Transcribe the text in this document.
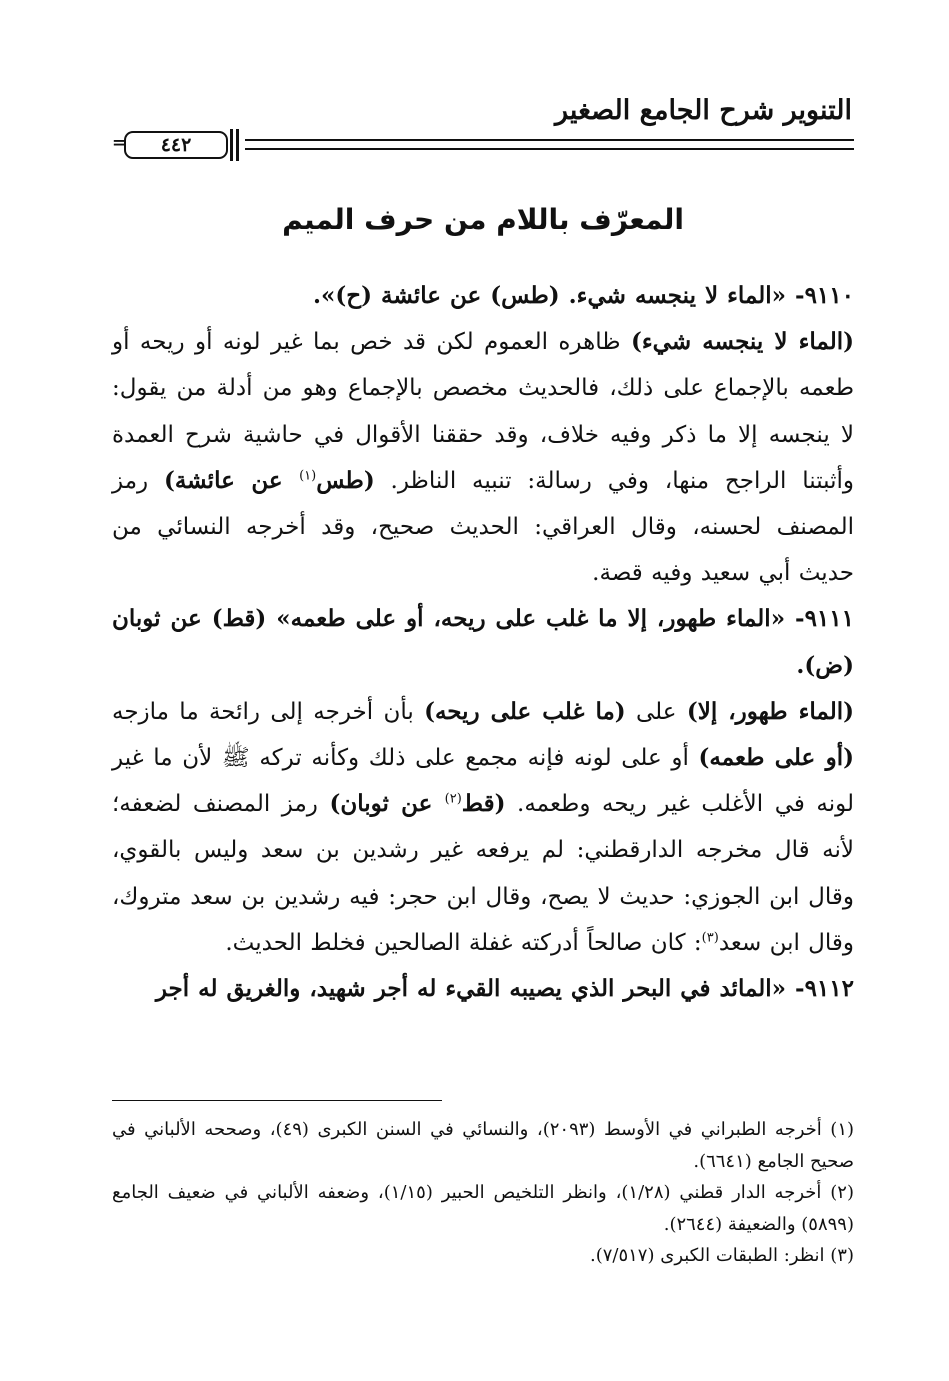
التنوير شرح الجامع الصغير
٤٤٢
=
المعرّف باللام من حرف الميم

٩١١٠- «الماء لا ينجسه شيء. (طس) عن عائشة (ح)».

(الماء لا ينجسه شيء) ظاهره العموم لكن قد خص بما غير لونه أو ريحه أو طعمه بالإجماع على ذلك، فالحديث مخصص بالإجماع وهو من أدلة من يقول: لا ينجسه إلا ما ذكر وفيه خلاف، وقد حققنا الأقوال في حاشية شرح العمدة وأثبتنا الراجح منها، وفي رسالة: تنبيه الناظر. (طس$^{(١)}$ عن عائشة) رمز المصنف لحسنه، وقال العراقي: الحديث صحيح، وقد أخرجه النسائي من حديث أبي سعيد وفيه قصة.

٩١١١- «الماء طهور، إلا ما غلب على ريحه، أو على طعمه» (قط) عن ثوبان (ض).

(الماء طهور، إلا) على (ما غلب على ريحه) بأن أخرجه إلى رائحة ما مازجه (أو على طعمه) أو على لونه فإنه مجمع على ذلك وكأنه تركه ﷺ لأن ما غير لونه في الأغلب غير ريحه وطعمه. (قط$^{(٢)}$ عن ثوبان) رمز المصنف لضعفه؛ لأنه قال مخرجه الدارقطني: لم يرفعه غير رشدين بن سعد وليس بالقوي، وقال ابن الجوزي: حديث لا يصح، وقال ابن حجر: فيه رشدين بن سعد متروك، وقال ابن سعد$^{(٣)}$: كان صالحاً أدركته غفلة الصالحين فخلط الحديث.

٩١١٢- «المائد في البحر الذي يصيبه القيء له أجر شهيد، والغريق له أجر

(١) أخرجه الطبراني في الأوسط (٢٠٩٣)، والنسائي في السنن الكبرى (٤٩)، وصححه الألباني في صحيح الجامع (٦٦٤١).

(٢) أخرجه الدار قطني (١/٢٨)، وانظر التلخيص الحبير (١/١٥)، وضعفه الألباني في ضعيف الجامع (٥٨٩٩) والضعيفة (٢٦٤٤).

(٣) انظر: الطبقات الكبرى (٧/٥١٧).
